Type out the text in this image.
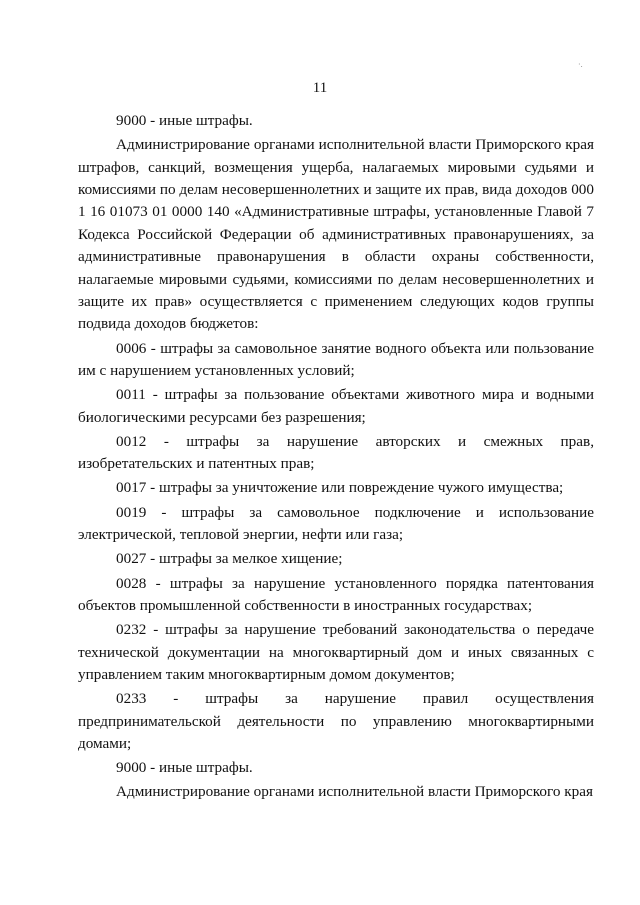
11

9000 - иные штрафы.

Администрирование органами исполнительной власти Приморского края штрафов, санкций, возмещения ущерба, налагаемых мировыми судьями и комиссиями по делам несовершеннолетних и защите их прав, вида доходов 000 1 16 01073 01 0000 140 «Административные штрафы, установленные Главой 7 Кодекса Российской Федерации об административных правонарушениях, за административные правонарушения в области охраны собственности, налагаемые мировыми судьями, комиссиями по делам несовершеннолетних и защите их прав» осуществляется с применением следующих кодов группы подвида доходов бюджетов:

0006 - штрафы за самовольное занятие водного объекта или пользование им с нарушением установленных условий;

0011 - штрафы за пользование объектами животного мира и водными биологическими ресурсами без разрешения;

0012 - штрафы за нарушение авторских и смежных прав, изобретательских и патентных прав;

0017 - штрафы за уничтожение или повреждение чужого имущества;

0019 - штрафы за самовольное подключение и использование электрической, тепловой энергии, нефти или газа;

0027 - штрафы за мелкое хищение;

0028 - штрафы за нарушение установленного порядка патентования объектов промышленной собственности в иностранных государствах;

0232 - штрафы за нарушение требований законодательства о передаче технической документации на многоквартирный дом и иных связанных с управлением таким многоквартирным домом документов;

0233 - штрафы за нарушение правил осуществления предпринимательской деятельности по управлению многоквартирными домами;

9000 - иные штрафы.

Администрирование органами исполнительной власти Приморского края

·.
